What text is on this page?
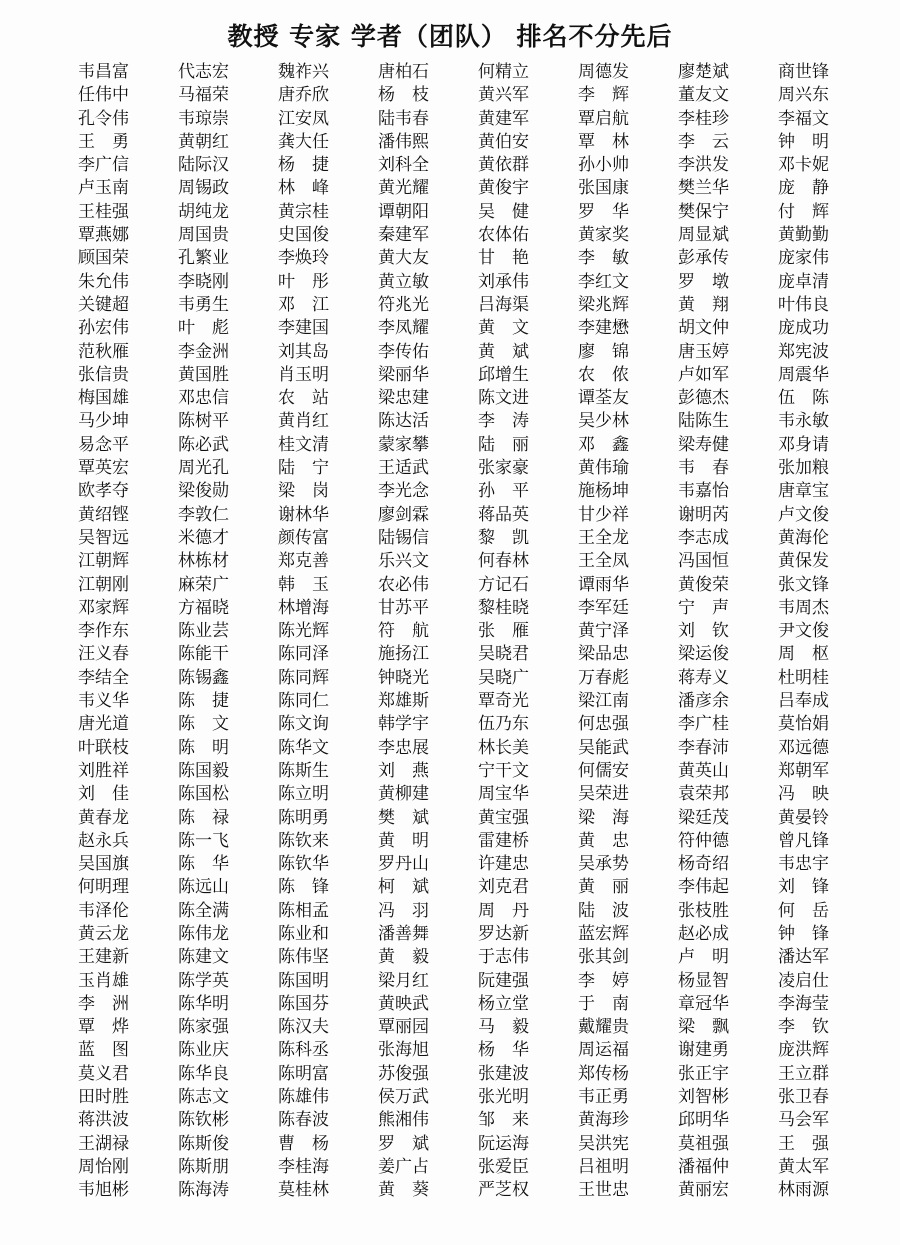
教授 专家 学者（团队） 排名不分先后
韦昌富	代志宏	魏祚兴	唐柏石	何精立	周德发	廖楚斌	商世锋
任伟中	马福荣	唐乔欣	杨　枝	黄兴军	李　辉	董友文	周兴东
孔令伟	韦琼崇	江安凤	陆韦春	黄建军	覃启航	李桂珍	李福文
王　勇	黄朝红	龚大任	潘伟熙	黄伯安	覃　林	李　云	钟　明
李广信	陆际汉	杨　捷	刘科全	黄依群	孙小帅	李洪发	邓卡妮
卢玉南	周锡政	林　峰	黄光耀	黄俊宇	张国康	樊兰华	庞　静
王桂强	胡纯龙	黄宗桂	谭朝阳	吴　健	罗　华	樊保宁	付　辉
覃燕娜	周国贵	史国俊	秦建军	农体佑	黄家奖	周显斌	黄勤勤
顾国荣	孔繁业	李焕玲	黄大友	甘　艳	李　敏	彭承传	庞家伟
朱允伟	李晓刚	叶　彤	黄立敏	刘承伟	李红文	罗　墩	庞卓清
关键超	韦勇生	邓　江	符兆光	吕海渠	梁兆辉	黄　翔	叶伟良
孙宏伟	叶　彪	李建国	李凤耀	黄　文	李建懋	胡文仲	庞成功
范秋雁	李金洲	刘其岛	李传佑	黄　斌	廖　锦	唐玉婷	郑宪波
张信贵	黄国胜	肖玉明	梁丽华	邱增生	农　侬	卢如军	周震华
梅国雄	邓忠信	农　站	梁忠建	陈文进	谭荃友	彭德杰	伍　陈
马少坤	陈树平	黄肖红	陈达活	李　涛	吴少林	陆陈生	韦永敏
易念平	陈必武	桂文清	蒙家攀	陆　丽	邓　鑫	梁寿健	邓身请
覃英宏	周光孔	陆　宁	王适武	张家豪	黄伟瑜	韦　春	张加粮
欧孝夺	梁俊勋	梁　岗	李光念	孙　平	施杨坤	韦嘉怡	唐章宝
黄绍铿	李敦仁	谢林华	廖剑霖	蒋品英	甘少祥	谢明芮	卢文俊
吴智远	米德才	颜传富	陆锡信	黎　凯	王全龙	李志成	黄海伦
江朝辉	林栋材	郑克善	乐兴文	何春林	王全凤	冯国恒	黄保发
江朝刚	麻荣广	韩　玉	农必伟	方记石	谭雨华	黄俊荣	张文锋
邓家辉	方福晓	林增海	甘苏平	黎桂晓	李军廷	宁　声	韦周杰
李作东	陈业芸	陈光辉	符　航	张　雁	黄宁泽	刘　钦	尹文俊
汪义春	陈能干	陈同泽	施扬江	吴晓君	梁品忠	梁运俊	周　枢
李结全	陈锡鑫	陈同辉	钟晓光	吴晓广	万春彪	蒋寿义	杜明桂
韦义华	陈　捷	陈同仁	郑雄斯	覃奇光	梁江南	潘彦余	吕奉成
唐光道	陈　文	陈文询	韩学宇	伍乃东	何忠强	李广桂	莫怡娟
叶联枝	陈　明	陈华文	李忠展	林长美	吴能武	李春沛	邓远德
刘胜祥	陈国毅	陈斯生	刘　燕	宁干文	何儒安	黄英山	郑朝军
刘　佳	陈国松	陈立明	黄柳建	周宝华	吴荣进	袁荣邦	冯　映
黄春龙	陈　禄	陈明勇	樊　斌	黄宝强	梁　海	梁廷茂	黄晏铃
赵永兵	陈一飞	陈钦来	黄　明	雷建桥	黄　忠	符仲德	曾凡锋
吴国旗	陈　华	陈钦华	罗丹山	许建忠	吴承势	杨奇绍	韦忠宇
何明理	陈远山	陈　锋	柯　斌	刘克君	黄　丽	李伟起	刘　锋
韦泽伦	陈全满	陈相孟	冯　羽	周　丹	陆　波	张枝胜	何　岳
黄云龙	陈伟龙	陈业和	潘善舞	罗达新	蓝宏辉	赵必成	钟　锋
王建新	陈建文	陈伟坚	黄　毅	于志伟	张其剑	卢　明	潘达军
玉肖雄	陈学英	陈国明	梁月红	阮建强	李　婷	杨显智	凌启仕
李　洲	陈华明	陈国芬	黄映武	杨立堂	于　南	章冠华	李海莹
覃　烨	陈家强	陈汉夫	覃丽园	马　毅	戴耀贵	梁　飘	李　钦
蓝　图	陈业庆	陈科丞	张海旭	杨　华	周运福	谢建勇	庞洪辉
莫义君	陈华良	陈明富	苏俊强	张建波	郑传杨	张正宇	王立群
田时胜	陈志文	陈雄伟	侯万武	张光明	韦正勇	刘智彬	张卫春
蒋洪波	陈钦彬	陈春波	熊湘伟	邹　来	黄海珍	邱明华	马会军
王湖禄	陈斯俊	曹　杨	罗　斌	阮运海	吴洪宪	莫祖强	王　强
周怡刚	陈斯朋	李桂海	姜广占	张爱臣	吕祖明	潘福仲	黄太军
韦旭彬	陈海涛	莫桂林	黄　葵	严芝权	王世忠	黄丽宏	林雨源
